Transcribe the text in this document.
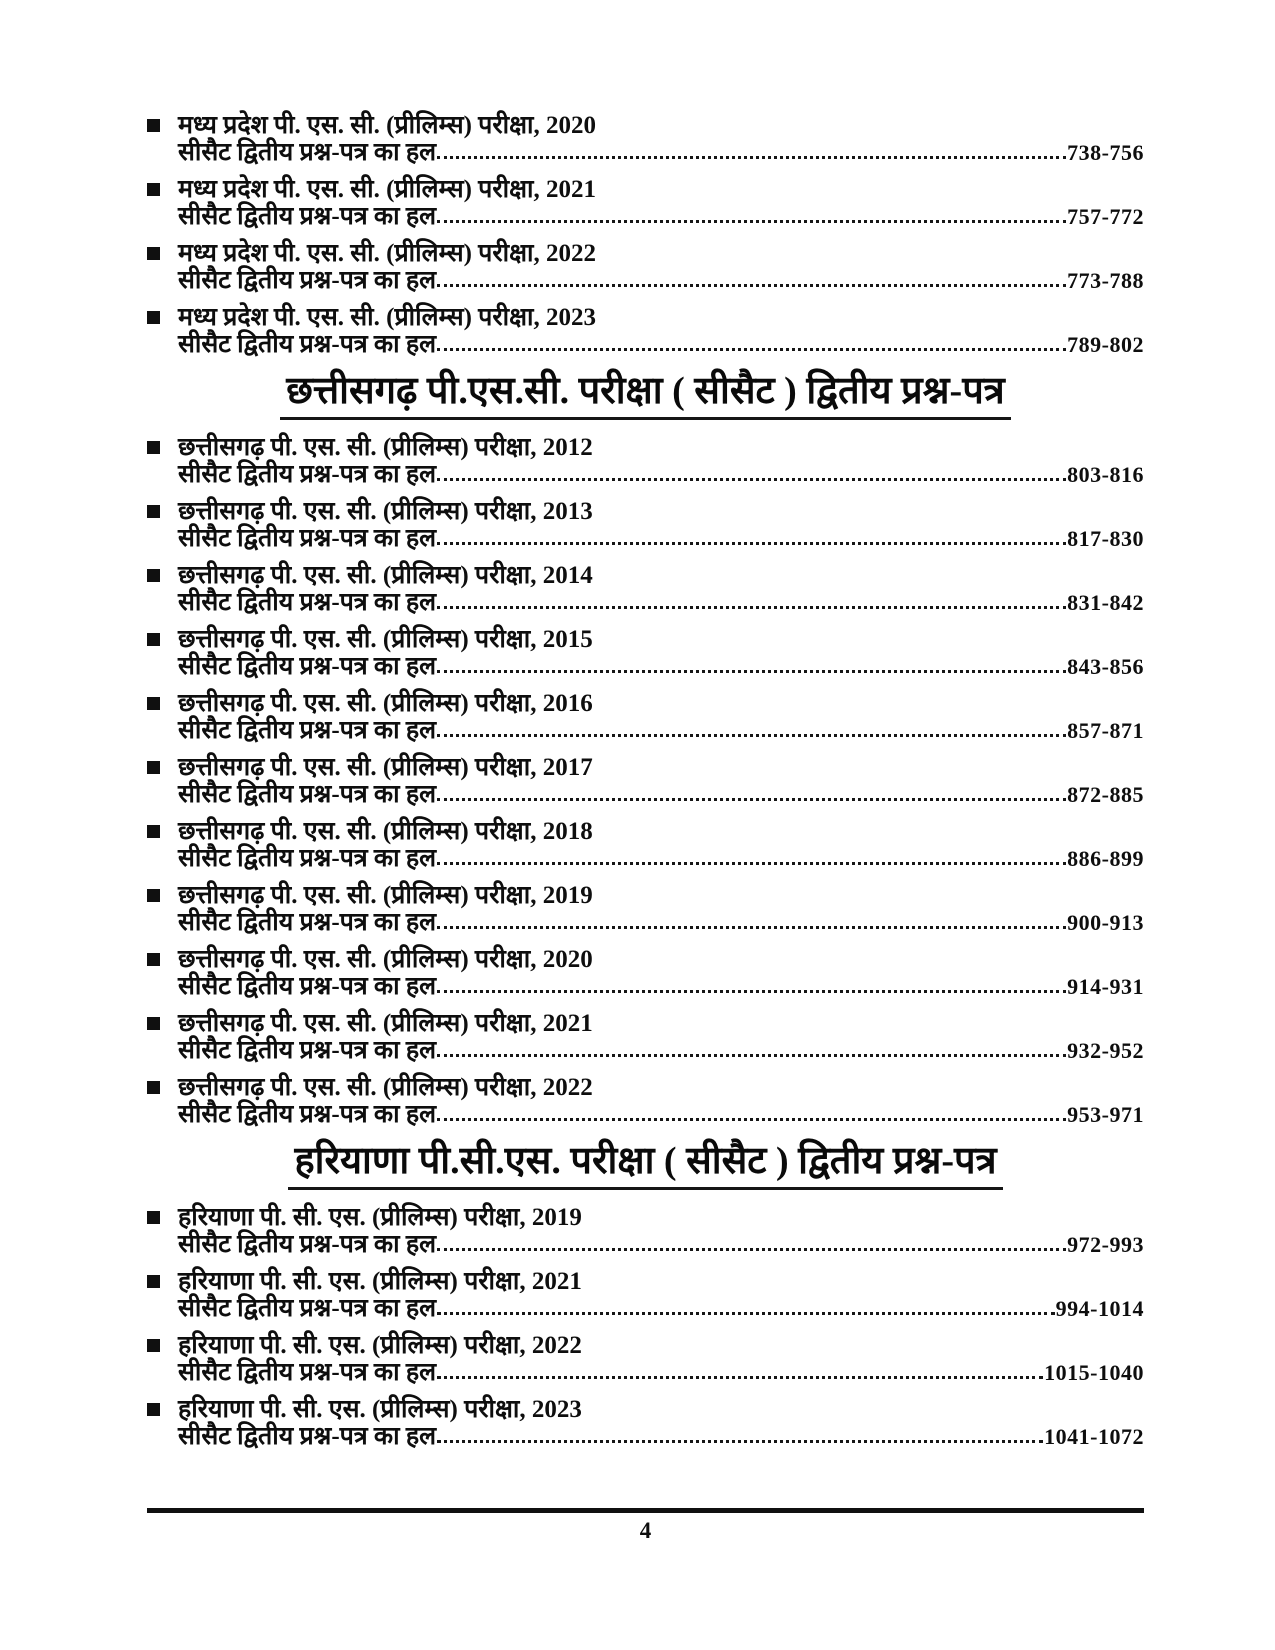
मध्य प्रदेश पी. एस. सी. (प्रीलिम्स) परीक्षा, 2020
सीसैट द्वितीय प्रश्न-पत्र का हल	738-756
मध्य प्रदेश पी. एस. सी. (प्रीलिम्स) परीक्षा, 2021
सीसैट द्वितीय प्रश्न-पत्र का हल	757-772
मध्य प्रदेश पी. एस. सी. (प्रीलिम्स) परीक्षा, 2022
सीसैट द्वितीय प्रश्न-पत्र का हल	773-788
मध्य प्रदेश पी. एस. सी. (प्रीलिम्स) परीक्षा, 2023
सीसैट द्वितीय प्रश्न-पत्र का हल	789-802
छत्तीसगढ़ पी.एस.सी. परीक्षा ( सीसैट ) द्वितीय प्रश्न-पत्र
छत्तीसगढ़ पी. एस. सी. (प्रीलिम्स) परीक्षा, 2012
सीसैट द्वितीय प्रश्न-पत्र का हल	803-816
छत्तीसगढ़ पी. एस. सी. (प्रीलिम्स) परीक्षा, 2013
सीसैट द्वितीय प्रश्न-पत्र का हल	817-830
छत्तीसगढ़ पी. एस. सी. (प्रीलिम्स) परीक्षा, 2014
सीसैट द्वितीय प्रश्न-पत्र का हल	831-842
छत्तीसगढ़ पी. एस. सी. (प्रीलिम्स) परीक्षा, 2015
सीसैट द्वितीय प्रश्न-पत्र का हल	843-856
छत्तीसगढ़ पी. एस. सी. (प्रीलिम्स) परीक्षा, 2016
सीसैट द्वितीय प्रश्न-पत्र का हल	857-871
छत्तीसगढ़ पी. एस. सी. (प्रीलिम्स) परीक्षा, 2017
सीसैट द्वितीय प्रश्न-पत्र का हल	872-885
छत्तीसगढ़ पी. एस. सी. (प्रीलिम्स) परीक्षा, 2018
सीसैट द्वितीय प्रश्न-पत्र का हल	886-899
छत्तीसगढ़ पी. एस. सी. (प्रीलिम्स) परीक्षा, 2019
सीसैट द्वितीय प्रश्न-पत्र का हल	900-913
छत्तीसगढ़ पी. एस. सी. (प्रीलिम्स) परीक्षा, 2020
सीसैट द्वितीय प्रश्न-पत्र का हल	914-931
छत्तीसगढ़ पी. एस. सी. (प्रीलिम्स) परीक्षा, 2021
सीसैट द्वितीय प्रश्न-पत्र का हल	932-952
छत्तीसगढ़ पी. एस. सी. (प्रीलिम्स) परीक्षा, 2022
सीसैट द्वितीय प्रश्न-पत्र का हल	953-971
हरियाणा पी.सी.एस. परीक्षा ( सीसैट ) द्वितीय प्रश्न-पत्र
हरियाणा पी. सी. एस. (प्रीलिम्स) परीक्षा, 2019
सीसैट द्वितीय प्रश्न-पत्र का हल	972-993
हरियाणा पी. सी. एस. (प्रीलिम्स) परीक्षा, 2021
सीसैट द्वितीय प्रश्न-पत्र का हल	994-1014
हरियाणा पी. सी. एस. (प्रीलिम्स) परीक्षा, 2022
सीसैट द्वितीय प्रश्न-पत्र का हल	1015-1040
हरियाणा पी. सी. एस. (प्रीलिम्स) परीक्षा, 2023
सीसैट द्वितीय प्रश्न-पत्र का हल	1041-1072
4
